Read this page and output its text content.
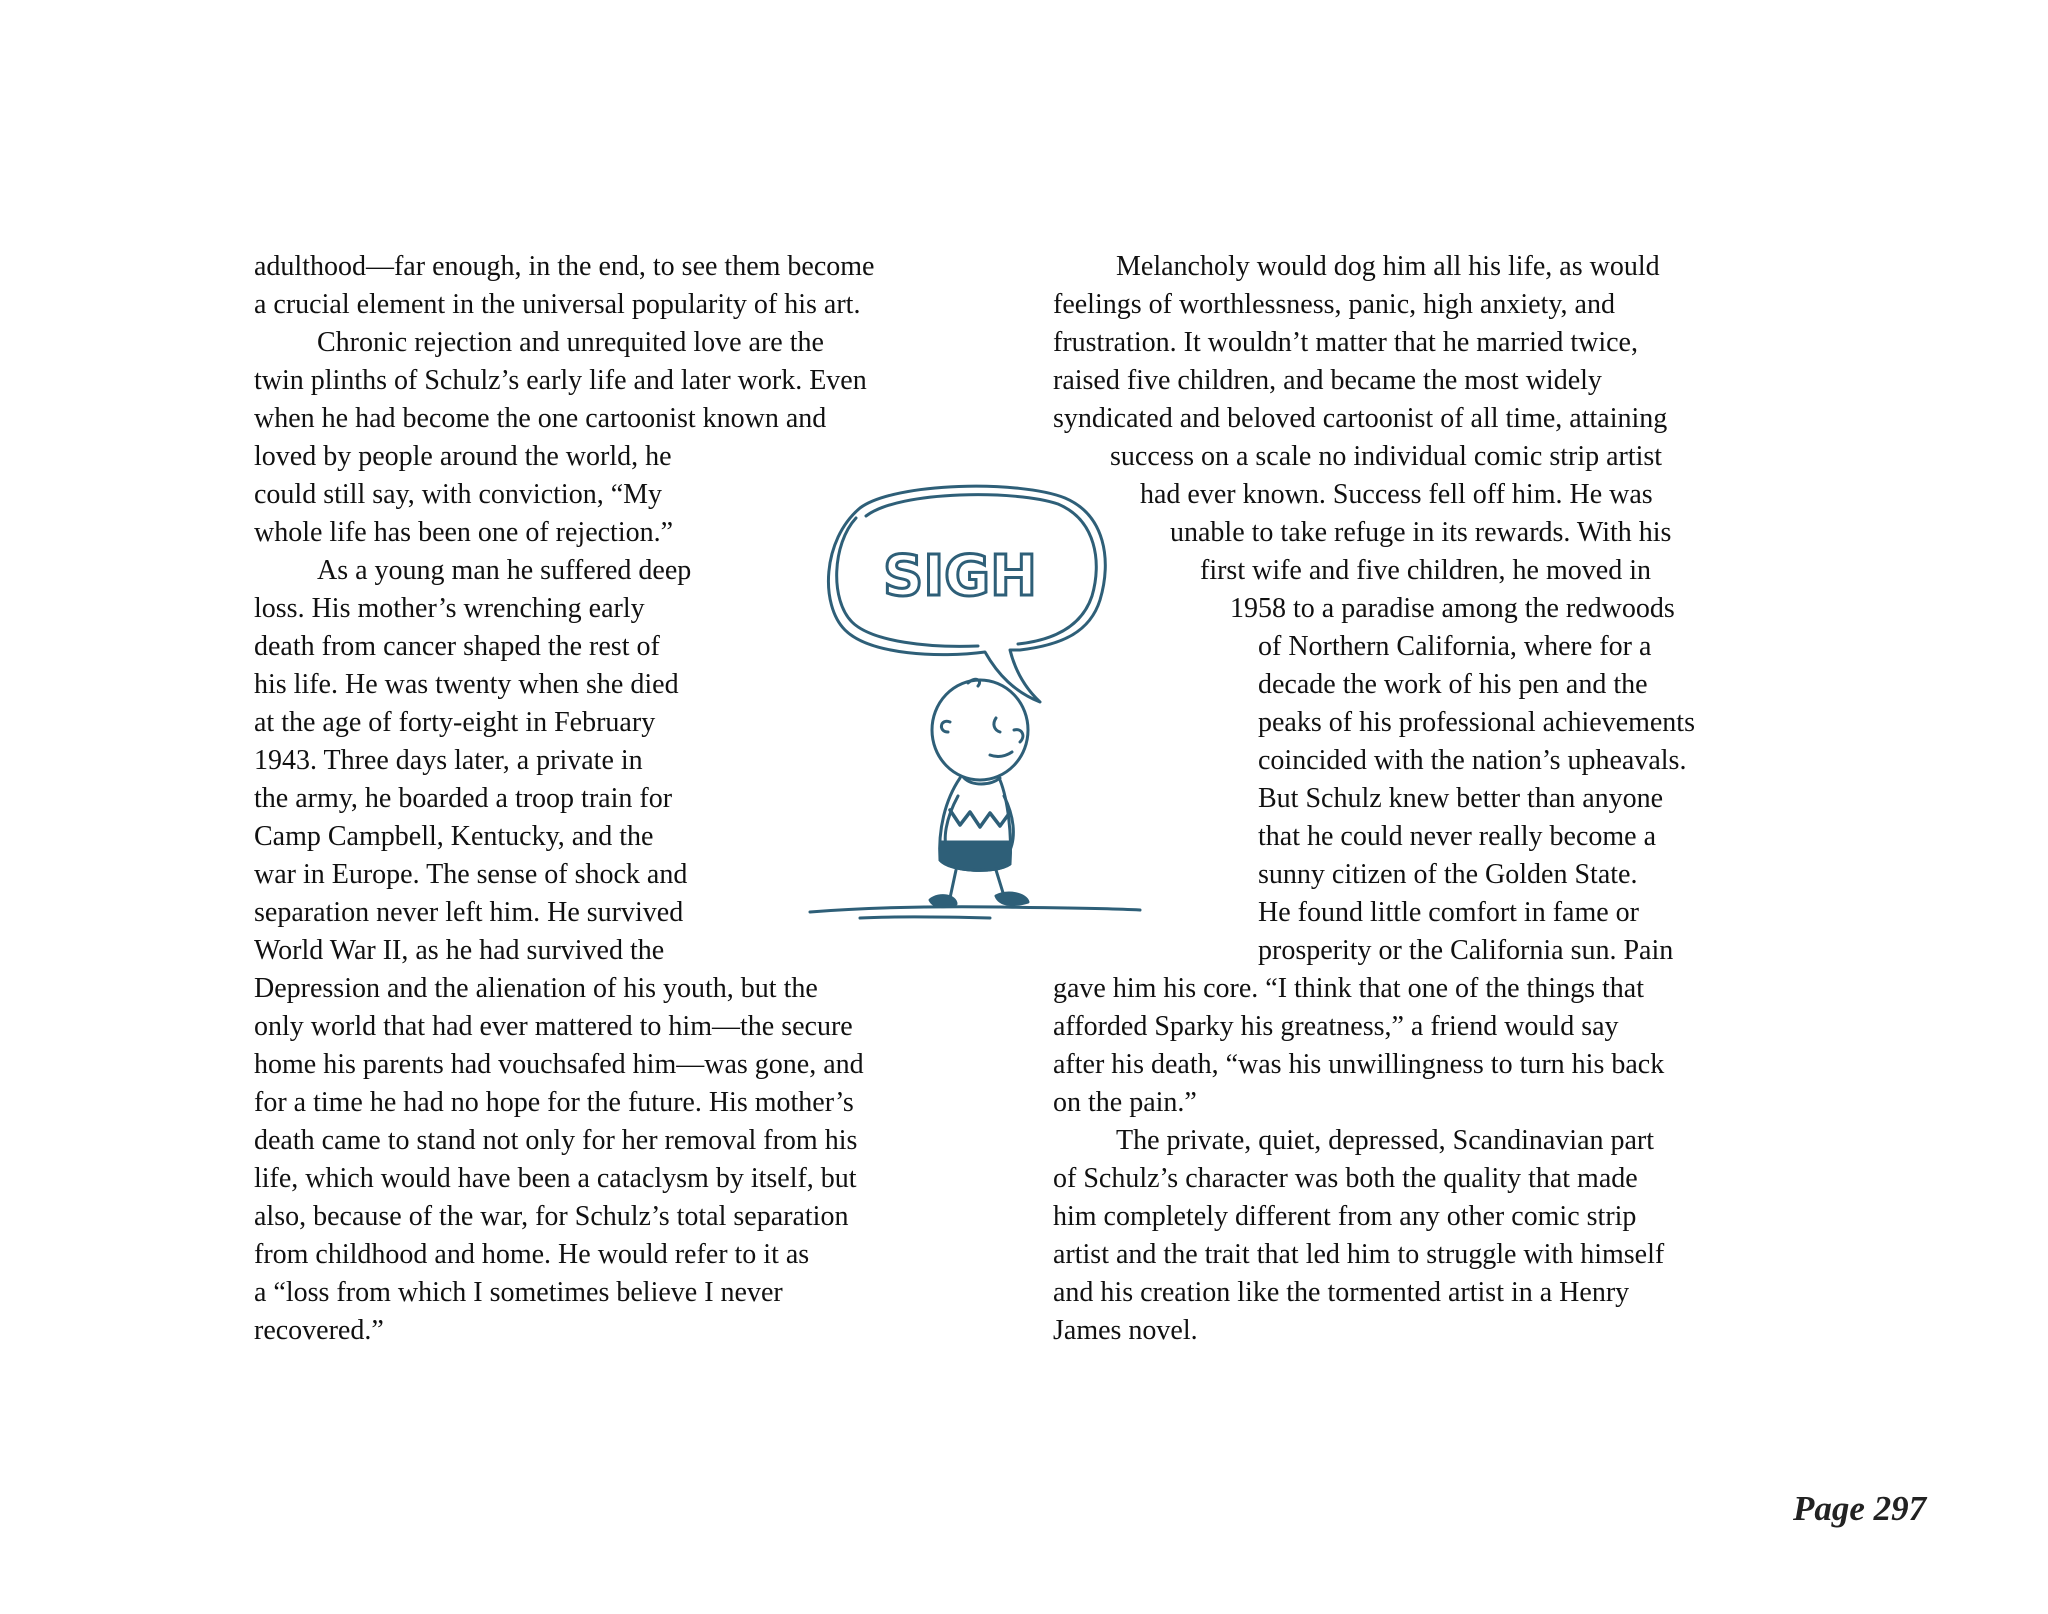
adulthood—far enough, in the end, to see them become
a crucial element in the universal popularity of his art.
Chronic rejection and unrequited love are the
twin plinths of Schulz’s early life and later work. Even
when he had become the one cartoonist known and
loved by people around the world, he
could still say, with conviction, “My
whole life has been one of rejection.”
As a young man he suffered deep
loss. His mother’s wrenching early
death from cancer shaped the rest of
his life. He was twenty when she died
at the age of forty-eight in February
1943. Three days later, a private in
the army, he boarded a troop train for
Camp Campbell, Kentucky, and the
war in Europe. The sense of shock and
separation never left him. He survived
World War II, as he had survived the
Depression and the alienation of his youth, but the
only world that had ever mattered to him—the secure
home his parents had vouchsafed him—was gone, and
for a time he had no hope for the future. His mother’s
death came to stand not only for her removal from his
life, which would have been a cataclysm by itself, but
also, because of the war, for Schulz’s total separation
from childhood and home. He would refer to it as
a “loss from which I sometimes believe I never
recovered.”
Melancholy would dog him all his life, as would
feelings of worthlessness, panic, high anxiety, and
frustration. It wouldn’t matter that he married twice,
raised five children, and became the most widely
syndicated and beloved cartoonist of all time, attaining
success on a scale no individual comic strip artist
had ever known. Success fell off him. He was
unable to take refuge in its rewards. With his
first wife and five children, he moved in
1958 to a paradise among the redwoods
of Northern California, where for a
decade the work of his pen and the
peaks of his professional achievements
coincided with the nation’s upheavals.
But Schulz knew better than anyone
that he could never really become a
sunny citizen of the Golden State.
He found little comfort in fame or
prosperity or the California sun. Pain
gave him his core. “I think that one of the things that
afforded Sparky his greatness,” a friend would say
after his death, “was his unwillingness to turn his back
on the pain.”
The private, quiet, depressed, Scandinavian part
of Schulz’s character was both the quality that made
him completely different from any other comic strip
artist and the trait that led him to struggle with himself
and his creation like the tormented artist in a Henry
James novel.
SIGH
Page 297
